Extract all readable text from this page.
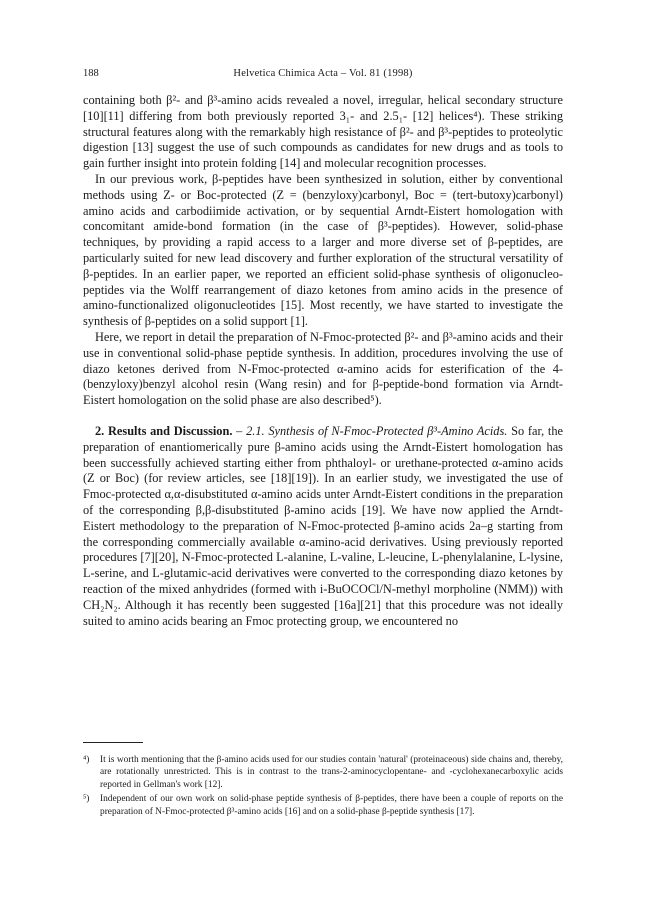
188	Helvetica Chimica Acta – Vol. 81 (1998)

containing both β²- and β³-amino acids revealed a novel, irregular, helical secondary structure [10][11] differing from both previously reported 3₁- and 2.5₁- [12] helices⁴). These striking structural features along with the remarkably high resistance of β²- and β³-peptides to proteolytic digestion [13] suggest the use of such compounds as candidates for new drugs and as tools to gain further insight into protein folding [14] and molecular recognition processes.

In our previous work, β-peptides have been synthesized in solution, either by conventional methods using Z- or Boc-protected (Z = (benzyloxy)carbonyl, Boc = (tert-butoxy)carbonyl) amino acids and carbodiimide activation, or by sequential Arndt-Eistert homologation with concomitant amide-bond formation (in the case of β³-peptides). However, solid-phase techniques, by providing a rapid access to a larger and more diverse set of β-peptides, are particularly suited for new lead discovery and further exploration of the structural versatility of β-peptides. In an earlier paper, we reported an efficient solid-phase synthesis of oligonucleo-peptides via the Wolff rearrangement of diazo ketones from amino acids in the presence of amino-functionalized oligonucleotides [15]. Most recently, we have started to investigate the synthesis of β-peptides on a solid support [1].

Here, we report in detail the preparation of N-Fmoc-protected β²- and β³-amino acids and their use in conventional solid-phase peptide synthesis. In addition, procedures involving the use of diazo ketones derived from N-Fmoc-protected α-amino acids for esterification of the 4-(benzyloxy)benzyl alcohol resin (Wang resin) and for β-peptide-bond formation via Arndt-Eistert homologation on the solid phase are also described⁵).

2. Results and Discussion. – 2.1. Synthesis of N-Fmoc-Protected β³-Amino Acids. So far, the preparation of enantiomerically pure β-amino acids using the Arndt-Eistert homologation has been successfully achieved starting either from phthaloyl- or urethane-protected α-amino acids (Z or Boc) (for review articles, see [18][19]). In an earlier study, we investigated the use of Fmoc-protected α,α-disubstituted α-amino acids unter Arndt-Eistert conditions in the preparation of the corresponding β,β-disubstituted β-amino acids [19]. We have now applied the Arndt-Eistert methodology to the preparation of N-Fmoc-protected β-amino acids 2a–g starting from the corresponding commercially available α-amino-acid derivatives. Using previously reported procedures [7][20], N-Fmoc-protected L-alanine, L-valine, L-leucine, L-phenylalanine, L-lysine, L-serine, and L-glutamic-acid derivatives were converted to the corresponding diazo ketones by reaction of the mixed anhydrides (formed with i-BuOCOCl/N-methyl morpholine (NMM)) with CH₂N₂. Although it has recently been suggested [16a][21] that this procedure was not ideally suited to amino acids bearing an Fmoc protecting group, we encountered no

⁴) It is worth mentioning that the β-amino acids used for our studies contain 'natural' (proteinaceous) side chains and, thereby, are rotationally unrestricted. This is in contrast to the trans-2-aminocyclopentane- and -cyclohexanecarboxylic acids reported in Gellman's work [12].
⁵) Independent of our own work on solid-phase peptide synthesis of β-peptides, there have been a couple of reports on the preparation of N-Fmoc-protected β³-amino acids [16] and on a solid-phase β-peptide synthesis [17].
